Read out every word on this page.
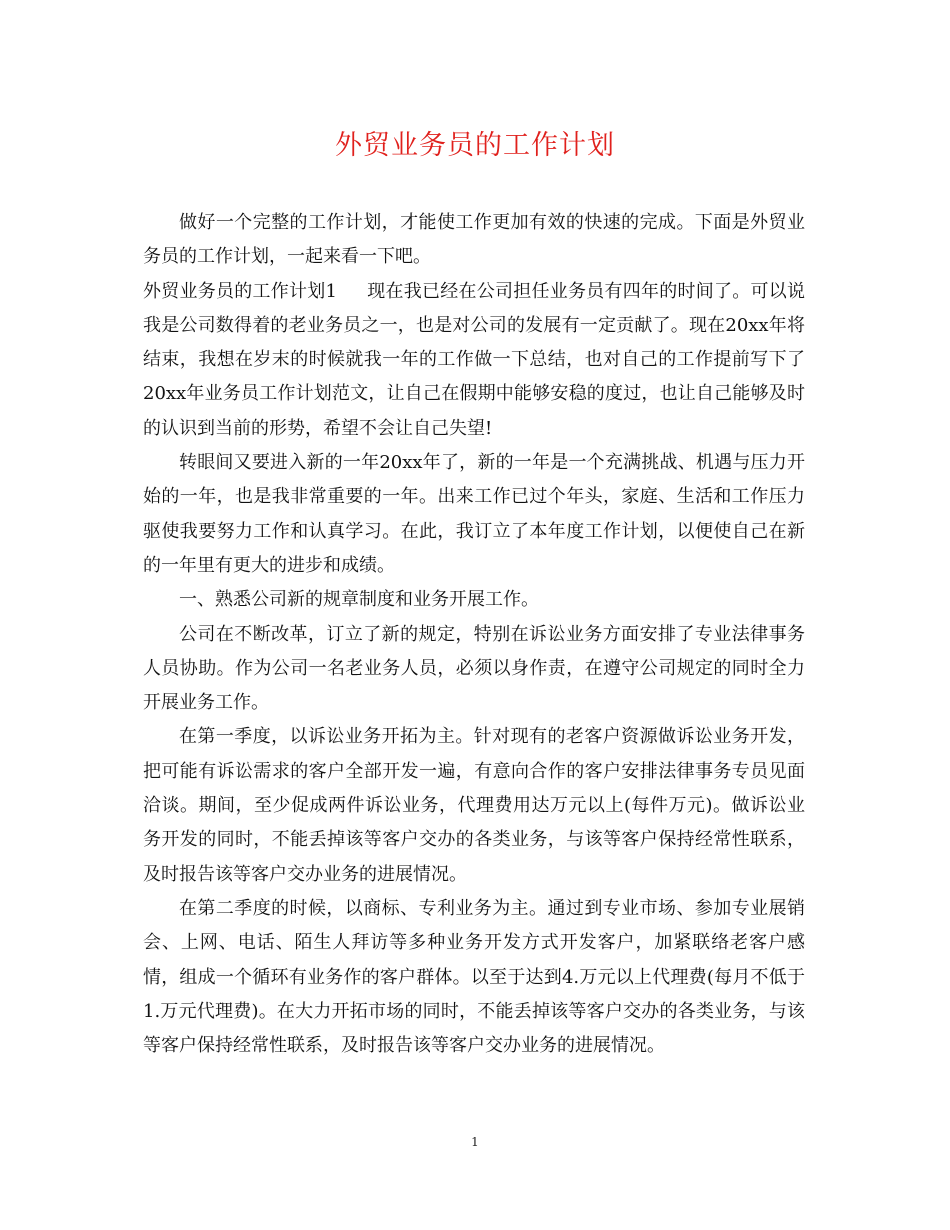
外贸业务员的工作计划

做好一个完整的工作计划，才能使工作更加有效的快速的完成。下面是外贸业务员的工作计划，一起来看一下吧。

外贸业务员的工作计划1 现在我已经在公司担任业务员有四年的时间了。可以说我是公司数得着的老业务员之一，也是对公司的发展有一定贡献了。现在20xx年将结束，我想在岁末的时候就我一年的工作做一下总结，也对自己的工作提前写下了20xx年业务员工作计划范文，让自己在假期中能够安稳的度过，也让自己能够及时的认识到当前的形势，希望不会让自己失望!

转眼间又要进入新的一年20xx年了，新的一年是一个充满挑战、机遇与压力开始的一年，也是我非常重要的一年。出来工作已过个年头，家庭、生活和工作压力驱使我要努力工作和认真学习。在此，我订立了本年度工作计划，以便使自己在新的一年里有更大的进步和成绩。

一、熟悉公司新的规章制度和业务开展工作。

公司在不断改革，订立了新的规定，特别在诉讼业务方面安排了专业法律事务人员协助。作为公司一名老业务人员，必须以身作责，在遵守公司规定的同时全力开展业务工作。

在第一季度，以诉讼业务开拓为主。针对现有的老客户资源做诉讼业务开发，把可能有诉讼需求的客户全部开发一遍，有意向合作的客户安排法律事务专员见面洽谈。期间，至少促成两件诉讼业务，代理费用达万元以上(每件万元)。做诉讼业务开发的同时，不能丢掉该等客户交办的各类业务，与该等客户保持经常性联系，及时报告该等客户交办业务的进展情况。

在第二季度的时候，以商标、专利业务为主。通过到专业市场、参加专业展销会、上网、电话、陌生人拜访等多种业务开发方式开发客户，加紧联络老客户感情，组成一个循环有业务作的客户群体。以至于达到4.万元以上代理费(每月不低于1.万元代理费)。在大力开拓市场的同时，不能丢掉该等客户交办的各类业务，与该等客户保持经常性联系，及时报告该等客户交办业务的进展情况。

1
